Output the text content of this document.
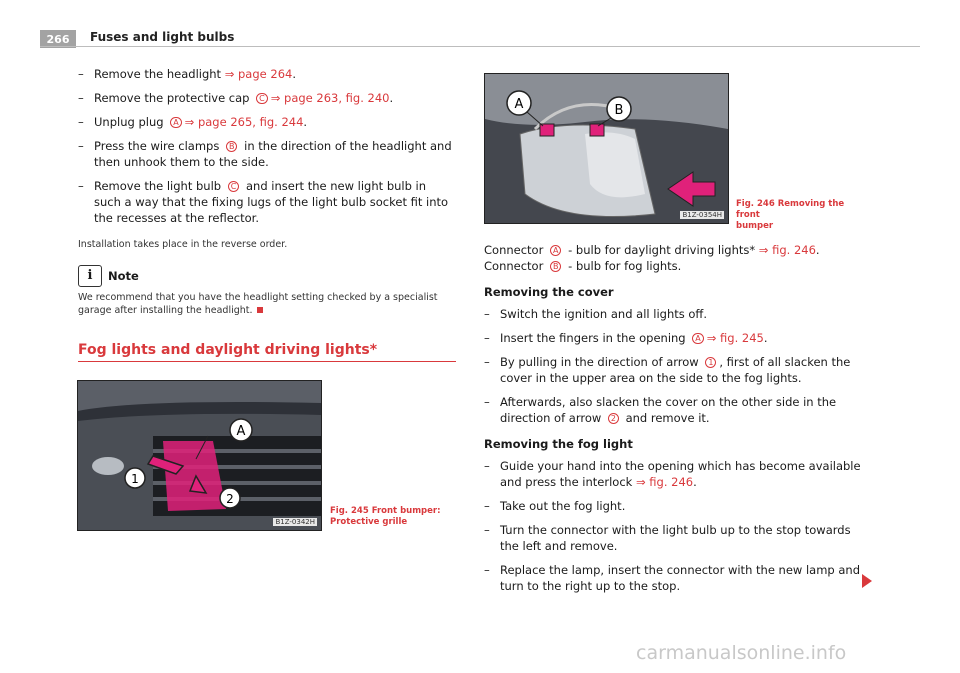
266	Fuses and light bulbs
– Remove the headlight ⇒ page 264.
– Remove the protective cap C ⇒ page 263, fig. 240.
– Unplug plug A ⇒ page 265, fig. 244.
– Press the wire clamps B in the direction of the headlight and then unhook them to the side.
– Remove the light bulb C and insert the new light bulb in such a way that the fixing lugs of the light bulb socket fit into the recesses at the reflector.
Installation takes place in the reverse order.
i	Note
We recommend that you have the headlight setting checked by a specialist garage after installing the headlight.
Fog lights and daylight driving lights*
A
1
2
B1Z-0342H
Fig. 245 Front bumper:
Protective grille
A	B
B1Z-0354H
Fig. 246 Removing the front
bumper
Connector A - bulb for daylight driving lights* ⇒ fig. 246. Connector B - bulb for fog lights.
Removing the cover
– Switch the ignition and all lights off.
– Insert the fingers in the opening A ⇒ fig. 245.
– By pulling in the direction of arrow 1 , first of all slacken the cover in the upper area on the side to the fog lights.
– Afterwards, also slacken the cover on the other side in the direction of arrow 2 and remove it.
Removing the fog light
– Guide your hand into the opening which has become available and press the interlock ⇒ fig. 246.
– Take out the fog light.
– Turn the connector with the light bulb up to the stop towards the left and remove.
– Replace the lamp, insert the connector with the new lamp and turn to the right up to the stop.
carmanualsonline.info
